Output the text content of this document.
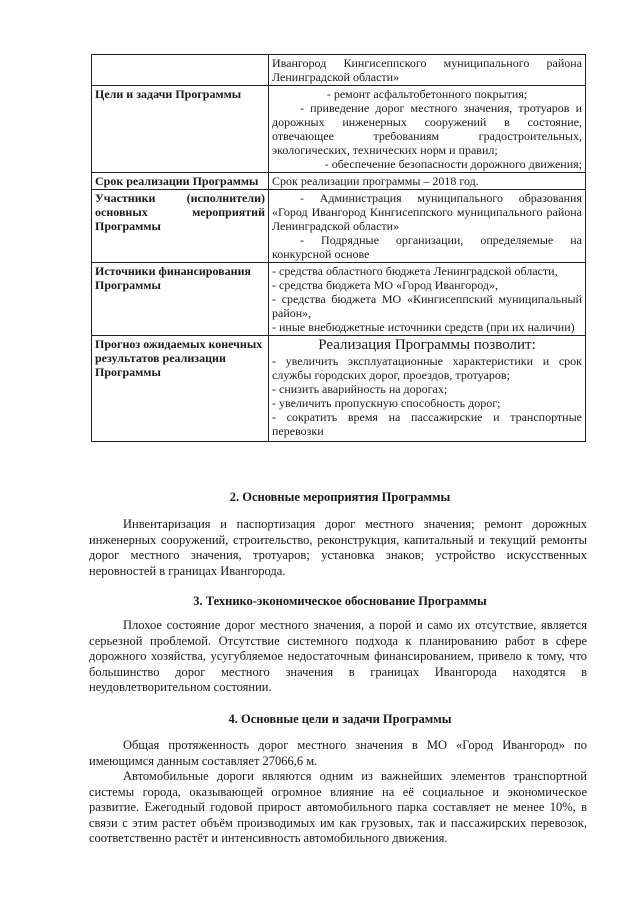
	Ивангород Кингисеппского муниципального района
Ленинградской области»

Цели и задачи Программы	- ремонт асфальтобетонного покрытия;
- приведение дорог местного значения, тротуаров и дорожных инженерных сооружений в состояние, отвечающее требованиям градостроительных, экологических, технических норм и правил;
- обеспечение безопасности дорожного движения;

Срок реализации Программы	Срок реализации программы – 2018 год.
Участники (исполнители) основных мероприятий Программы	- Администрация муниципального образования «Город Ивангород Кингисеппского муниципального района Ленинградской области»
- Подрядные организации, определяемые на конкурсной основе

Источники финансирования Программы	- средства областного бюджета Ленинградской области,
- средства бюджета МО «Город Ивангород»,
- средства бюджета МО «Кингисеппский муниципальный район»,
- иные внебюджетные источники средств (при их наличии)

Прогноз ожидаемых конечных результатов реализации Программы	Реализация Программы позволит:
- увеличить эксплуатационные характеристики и срок службы городских дорог, проездов, тротуаров;
- снизить аварийность на дорогах;
- увеличить пропускную способность дорог;
- сократить время на пассажирские и транспортные перевозки
2. Основные мероприятия Программы

Инвентаризация и паспортизация дорог местного значения; ремонт дорожных инженерных сооружений, строительство, реконструкция, капитальный и текущий ремонты дорог местного значения, тротуаров; установка знаков; устройство искусственных неровностей в границах Ивангорода.

3. Технико-экономическое обоснование Программы

Плохое состояние дорог местного значения, а порой и само их отсутствие, является серьезной проблемой. Отсутствие системного подхода к планированию работ в сфере дорожного хозяйства, усугубляемое недостаточным финансированием, привело к тому, что большинство дорог местного значения в границах Ивангорода находятся в неудовлетворительном состоянии.

4. Основные цели и задачи Программы

Общая протяженность дорог местного значения в МО «Город Ивангород» по имеющимся данным составляет 27066,6 м.

Автомобильные дороги являются одним из важнейших элементов транспортной системы города, оказывающей огромное влияние на её социальное и экономическое развитие. Ежегодный годовой прирост автомобильного парка составляет не менее 10%, в связи с этим растет объём производимых им как грузовых, так и пассажирских перевозок, соответственно растёт и интенсивность автомобильного движения.
